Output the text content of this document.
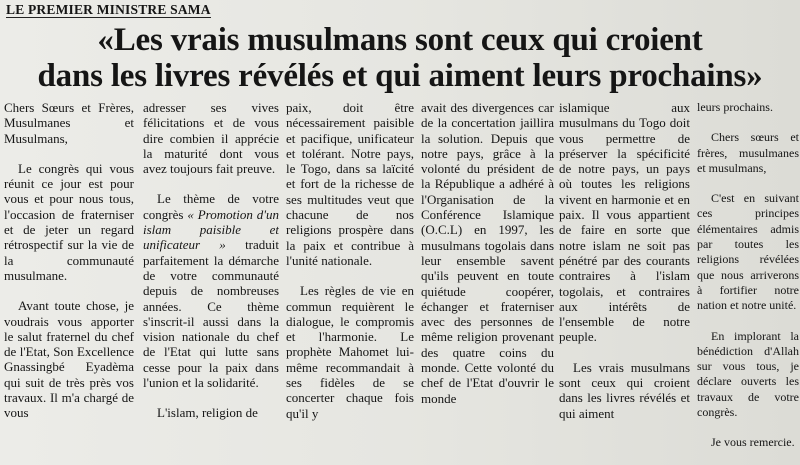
LE PREMIER MINISTRE SAMA
«Les vrais musulmans sont ceux qui croient
dans les livres révélés et qui aiment leurs prochains»

Chers Sœurs et Frères, Musulmanes et Musulmans,

Le congrès qui vous réunit ce jour est pour vous et pour nous tous, l'occasion de fraterniser et de jeter un regard rétrospectif sur la vie de la communauté musulmane.

Avant toute chose, je voudrais vous apporter le salut fraternel du chef de l'Etat, Son Excellence Gnassingbé Eyadèma qui suit de très près vos travaux. Il m'a chargé de vous

adresser ses vives félicitations et de vous dire combien il apprécie la maturité dont vous avez toujours fait preuve.

Le thème de votre congrès « Promotion d'un islam paisible et unificateur » traduit parfaitement la démarche de votre communauté depuis de nombreuses années. Ce thème s'inscrit-il aussi dans la vision nationale du chef de l'Etat qui lutte sans cesse pour la paix dans l'union et la solidarité.

L'islam, religion de

paix, doit être nécessairement paisible et pacifique, unificateur et tolérant. Notre pays, le Togo, dans sa laïcité et fort de la richesse de ses multitudes veut que chacune de nos religions prospère dans la paix et contribue à l'unité nationale.

Les règles de vie en commun requièrent le dialogue, le compromis et l'harmonie. Le prophète Mahomet lui-même recommandait à ses fidèles de se concerter chaque fois qu'il y

avait des divergences car de la concertation jaillira la solution. Depuis que notre pays, grâce à la volonté du président de la République a adhéré à l'Organisation de la Conférence Islamique (O.C.L) en 1997, les musulmans togolais dans leur ensemble savent qu'ils peuvent en toute quiétude coopérer, échanger et fraterniser avec des personnes de même religion provenant des quatre coins du monde. Cette volonté du chef de l'Etat d'ouvrir le monde

islamique aux musulmans du Togo doit vous permettre de préserver la spécificité de notre pays, un pays où toutes les religions vivent en harmonie et en paix. Il vous appartient de faire en sorte que notre islam ne soit pas pénétré par des courants contraires à l'islam togolais, et contraires aux intérêts de l'ensemble de notre peuple.

Les vrais musulmans sont ceux qui croient dans les livres révélés et qui aiment

leurs prochains.

Chers sœurs et frères, musulmanes et musulmans,

C'est en suivant ces principes élémentaires admis par toutes les religions révélées que nous arriverons à fortifier notre nation et notre unité.

En implorant la bénédiction d'Allah sur vous tous, je déclare ouverts les travaux de votre congrès.

Je vous remercie.
